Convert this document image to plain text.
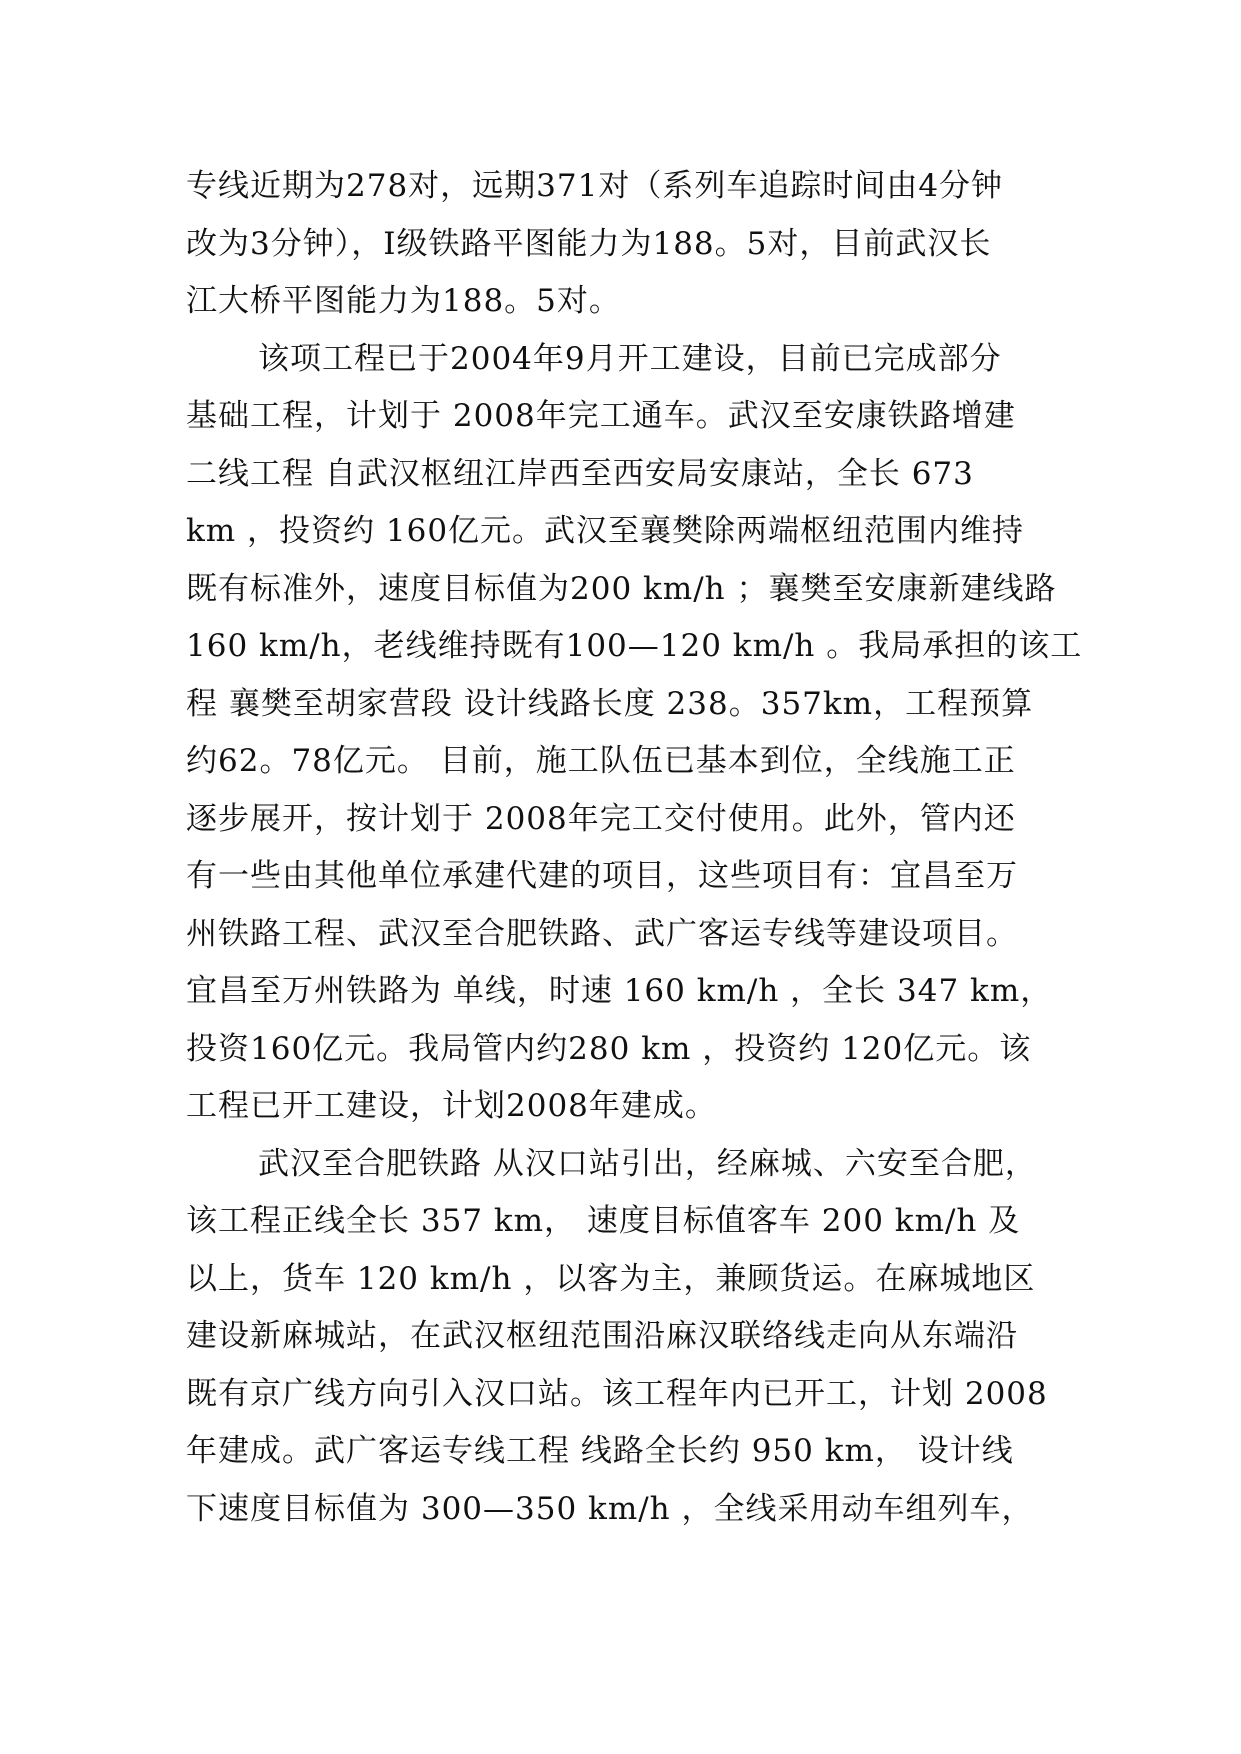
专线近期为278对，远期371对（系列车追踪时间由4分钟
改为3分钟），Ⅰ级铁路平图能力为188。5对，目前武汉长
江大桥平图能力为188。5对。
该项工程已于2004年9月开工建设，目前已完成部分
基础工程，计划于 2008年完工通车。武汉至安康铁路增建
二线工程 自武汉枢纽江岸西至西安局安康站，全长 673
km ，投资约 160亿元。武汉至襄樊除两端枢纽范围内维持
既有标准外，速度目标值为200 km/h ；襄樊至安康新建线路
160 km/h，老线维持既有100—120 km/h 。我局承担的该工
程 襄樊至胡家营段 设计线路长度 238。357km，工程预算
约62。78亿元。 目前，施工队伍已基本到位，全线施工正
逐步展开，按计划于 2008年完工交付使用。此外，管内还
有一些由其他单位承建代建的项目，这些项目有：宜昌至万
州铁路工程、武汉至合肥铁路、武广客运专线等建设项目。
宜昌至万州铁路为 单线，时速 160 km/h ，全长 347 km，
投资160亿元。我局管内约280 km ，投资约 120亿元。该
工程已开工建设，计划2008年建成。
武汉至合肥铁路 从汉口站引出，经麻城、六安至合肥，
该工程正线全长 357 km， 速度目标值客车 200 km/h 及
以上，货车 120 km/h ，以客为主，兼顾货运。在麻城地区
建设新麻城站，在武汉枢纽范围沿麻汉联络线走向从东端沿
既有京广线方向引入汉口站。该工程年内已开工，计划 2008
年建成。武广客运专线工程 线路全长约 950 km， 设计线
下速度目标值为 300—350 km/h ，全线采用动车组列车，
